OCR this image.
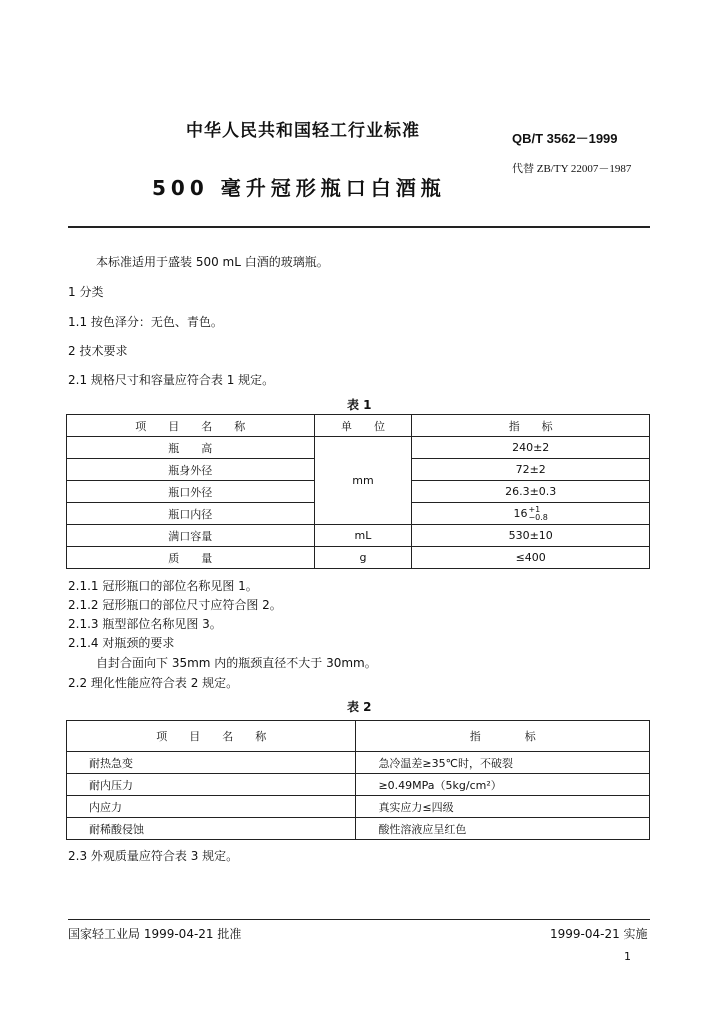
中华人民共和国轻工行业标准
500 毫升冠形瓶口白酒瓶
QB/T 3562－1999
代替 ZB/TY 22007－1987
本标准适用于盛装 500 mL 白酒的玻璃瓶。
1 分类
1.1 按色泽分：无色、青色。
2 技术要求
2.1 规格尺寸和容量应符合表 1 规定。
表 1
项　　目　　名　　称	单　　位	指　　标
瓶　　高	mm	240±2
瓶身外径		72±2
瓶口外径		26.3±0.3
瓶口内径		16 +1
−0.8

满口容量	mL	530±10
质　　量	g	≤400
2.1.1 冠形瓶口的部位名称见图 1。
2.1.2 冠形瓶口的部位尺寸应符合图 2。
2.1.3 瓶型部位名称见图 3。
2.1.4 对瓶颈的要求
自封合面向下 35mm 内的瓶颈直径不大于 30mm。
2.2 理化性能应符合表 2 规定。
表 2
项　　目　　名　　称	指　　　　标
耐热急变	急冷温差≥35℃时，不破裂
耐内压力	≥0.49MPa（5kg/cm²）
内应力	真实应力≤四级
耐稀酸侵蚀	酸性溶液应呈红色
2.3 外观质量应符合表 3 规定。
国家轻工业局 1999-04-21 批准	1999-04-21 实施
1
